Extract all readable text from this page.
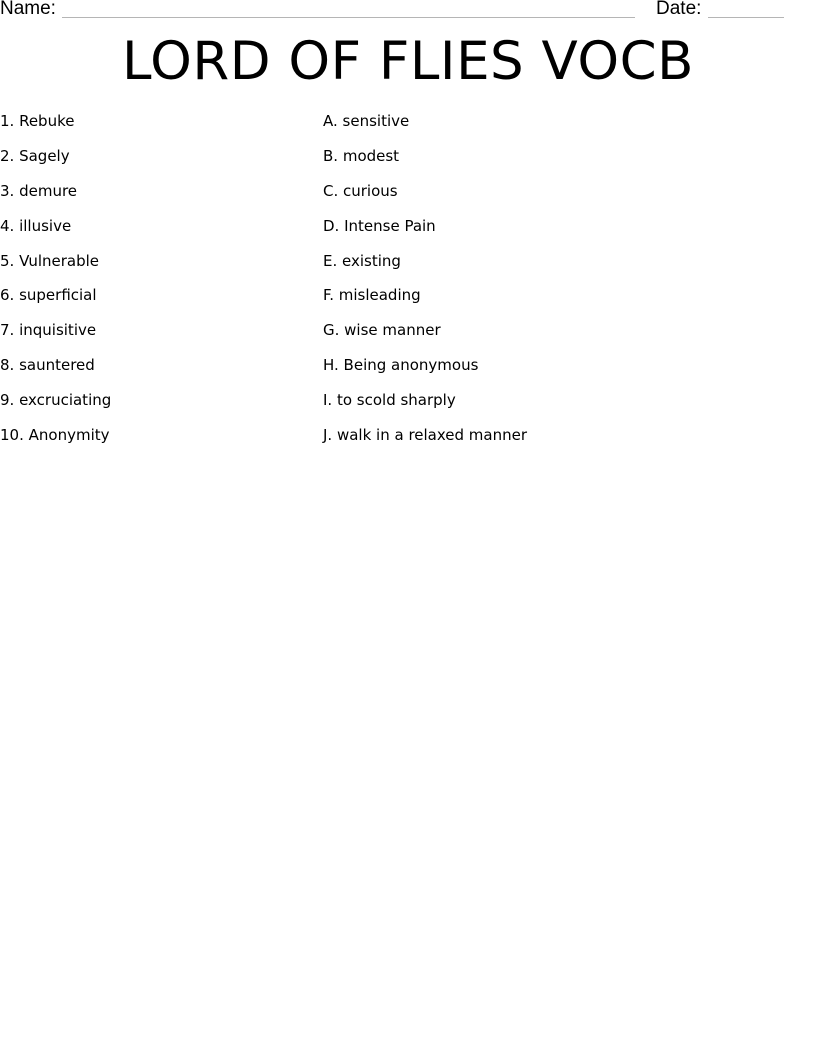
Name:	Date:
LORD OF FLIES VOCB
1. Rebuke
2. Sagely
3. demure
4. illusive
5. Vulnerable
6. superficial
7. inquisitive
8. sauntered
9. excruciating
10. Anonymity
A. sensitive
B. modest
C. curious
D. Intense Pain
E. existing
F. misleading
G. wise manner
H. Being anonymous
I. to scold sharply
J. walk in a relaxed manner
